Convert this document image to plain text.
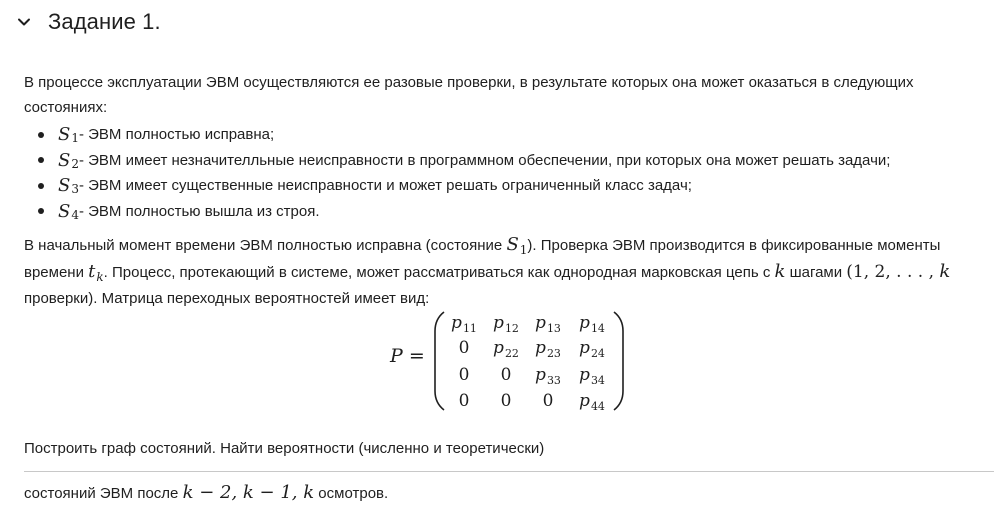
Задание 1.

В процессе эксплуатации ЭВМ осуществляются ее разовые проверки, в результате которых она может оказаться в следующих состояниях:

S 1 - ЭВМ полностью исправна;
S 2 - ЭВМ имеет незначителльные неисправности в программном обеспечении, при которых она может решать задачи;
S 3 - ЭВМ имеет существенные неисправности и может решать ограниченный класс задач;
S 4 - ЭВМ полностью вышла из строя.

В начальный момент времени ЭВМ полностью исправна (состояние $S_1$). Проверка ЭВМ производится в фиксированные моменты времени $t_k$. Процесс, протекающий в системе, может рассматриваться как однородная марковская цепь с k шагами (1, 2, . . . , k
проверки). Матрица переходных вероятностей имеет вид:

P =
$p_{11}$ $p_{12}$ $p_{13}$	$p_{14}$
0	$p_{22}$ $p_{23}$	$p_{24}$
0	0	$p_{33}$	$p_{34}$
0	0	0	$p_{44}$
Построить граф состояний. Найти вероятности (численно и теоретически)
состояний ЭВМ после k − 2, k − 1, k осмотров.
